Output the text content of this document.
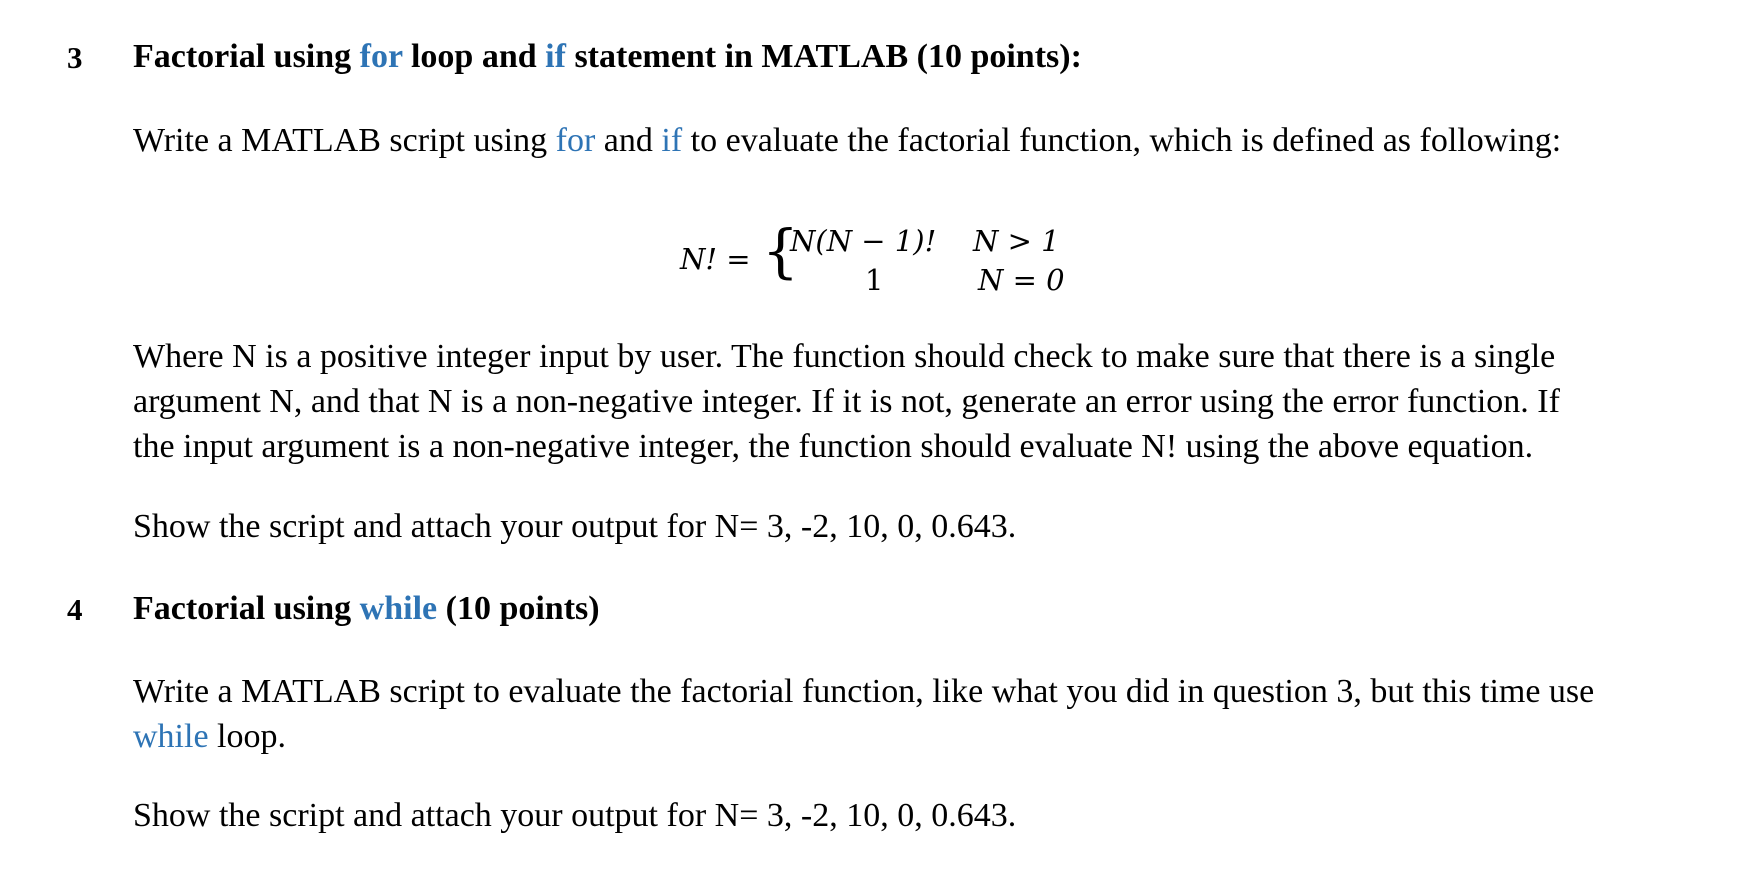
3 Factorial using for loop and if statement in MATLAB (10 points):
Write a MATLAB script using for and if to evaluate the factorial function, which is defined as following:
N! = {
N(N − 1)! N > 1
1	N = 0
Where N is a positive integer input by user. The function should check to make sure that there is a single
argument N, and that N is a non-negative integer. If it is not, generate an error using the error function. If
the input argument is a non-negative integer, the function should evaluate N! using the above equation.
Show the script and attach your output for N= 3, -2, 10, 0, 0.643.
4 Factorial using while (10 points)
Write a MATLAB script to evaluate the factorial function, like what you did in question 3, but this time use
while loop.
Show the script and attach your output for N= 3, -2, 10, 0, 0.643.
